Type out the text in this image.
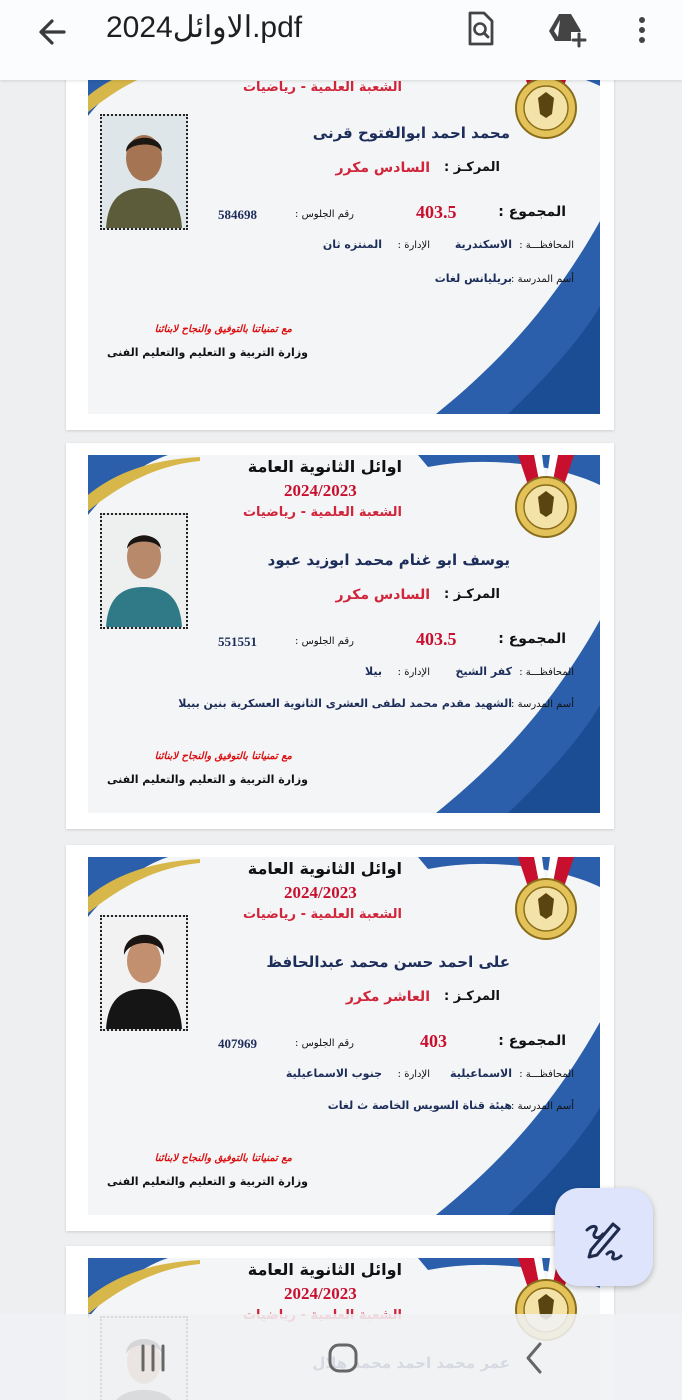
الاوائل2024.pdf
الشعبة العلمية - رياضيات
محمد احمد ابوالفتوح قرنى
المركـز :
السادس مكرر
المجموع :
403.5
رقم الجلوس :
584698
المحافظـــة :
الاسكندرية
الإدارة :
المنتزه ثان
أسم المدرسة :
بريليانس لغات
مع تمنياتنا بالتوفيق والنجاح لابنائنا
وزارة التربية و التعليم والتعليم الفنى
اوائل الثانوية العامة
2024/2023
الشعبة العلمية - رياضيات
يوسف ابو غنام محمد ابوزيد عبود
المركـز :
السادس مكرر
المجموع :
403.5
رقم الجلوس :
551551
المحافظـــة :
كفر الشيخ
الإدارة :
بيلا
أسم المدرسة :
الشهيد مقدم محمد لطفى العشرى الثانوية العسكرية بنين ببيلا
مع تمنياتنا بالتوفيق والنجاح لابنائنا
وزارة التربية و التعليم والتعليم الفنى
اوائل الثانوية العامة
2024/2023
الشعبة العلمية - رياضيات
على احمد حسن محمد عبدالحافظ
المركـز :
العاشر مكرر
المجموع :
403
رقم الجلوس :
407969
المحافظـــة :
الاسماعيلية
الإدارة :
جنوب الاسماعيلية
أسم المدرسة :
هيئة قناة السويس الخاصة ث لغات
مع تمنياتنا بالتوفيق والنجاح لابنائنا
وزارة التربية و التعليم والتعليم الفنى
اوائل الثانوية العامة
2024/2023
